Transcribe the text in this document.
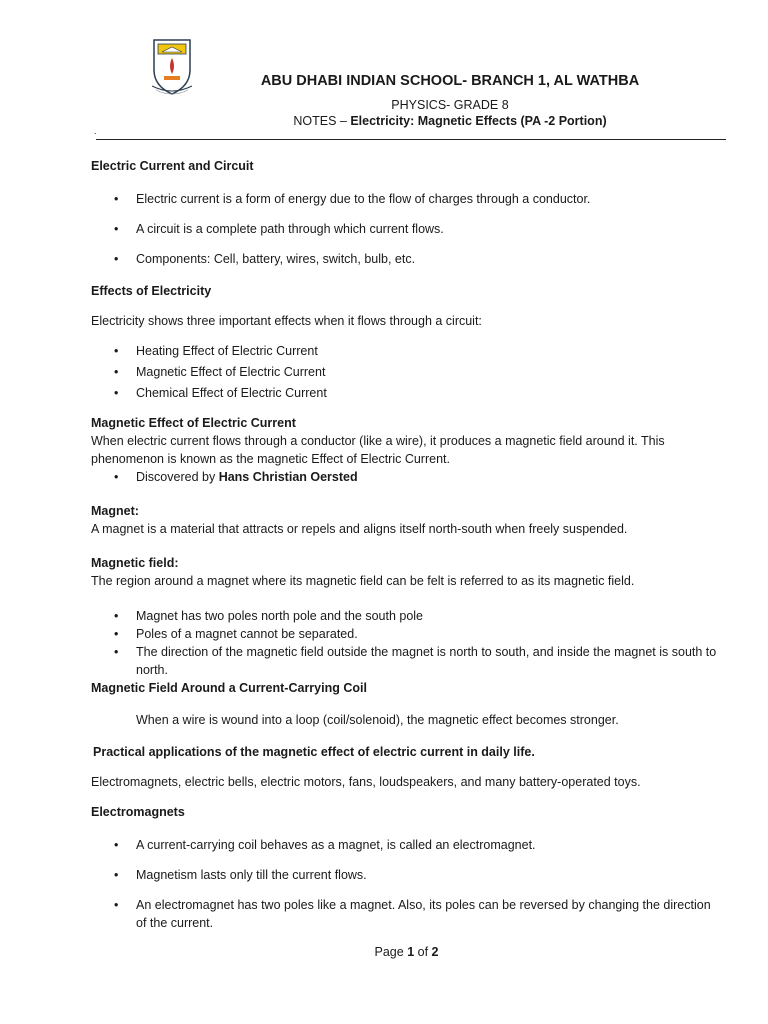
ABU DHABI INDIAN SCHOOL- BRANCH 1, AL WATHBA
PHYSICS- GRADE 8
NOTES – Electricity: Magnetic Effects (PA -2 Portion)
.
Electric Current and Circuit
• Electric current is a form of energy due to the flow of charges through a conductor.
• A circuit is a complete path through which current flows.
• Components: Cell, battery, wires, switch, bulb, etc.
Effects of Electricity

Electricity shows three important effects when it flows through a circuit:

• Heating Effect of Electric Current
• Magnetic Effect of Electric Current
• Chemical Effect of Electric Current
Magnetic Effect of Electric Current

When electric current flows through a conductor (like a wire), it produces a magnetic field around it. This phenomenon is known as the magnetic Effect of Electric Current.

• Discovered by Hans Christian Oersted
Magnet:

A magnet is a material that attracts or repels and aligns itself north-south when freely suspended.

Magnetic field:

The region around a magnet where its magnetic field can be felt is referred to as its magnetic field.

• Magnet has two poles north pole and the south pole
• Poles of a magnet cannot be separated.
• The direction of the magnetic field outside the magnet is north to south, and inside the magnet is south to north.
Magnetic Field Around a Current-Carrying Coil

When a wire is wound into a loop (coil/solenoid), the magnetic effect becomes stronger.

Practical applications of the magnetic effect of electric current in daily life.

Electromagnets, electric bells, electric motors, fans, loudspeakers, and many battery-operated toys.

Electromagnets
• A current-carrying coil behaves as a magnet, is called an electromagnet.
• Magnetism lasts only till the current flows.
• An electromagnet has two poles like a magnet. Also, its poles can be reversed by changing the direction of the current.
Page 1 of 2
